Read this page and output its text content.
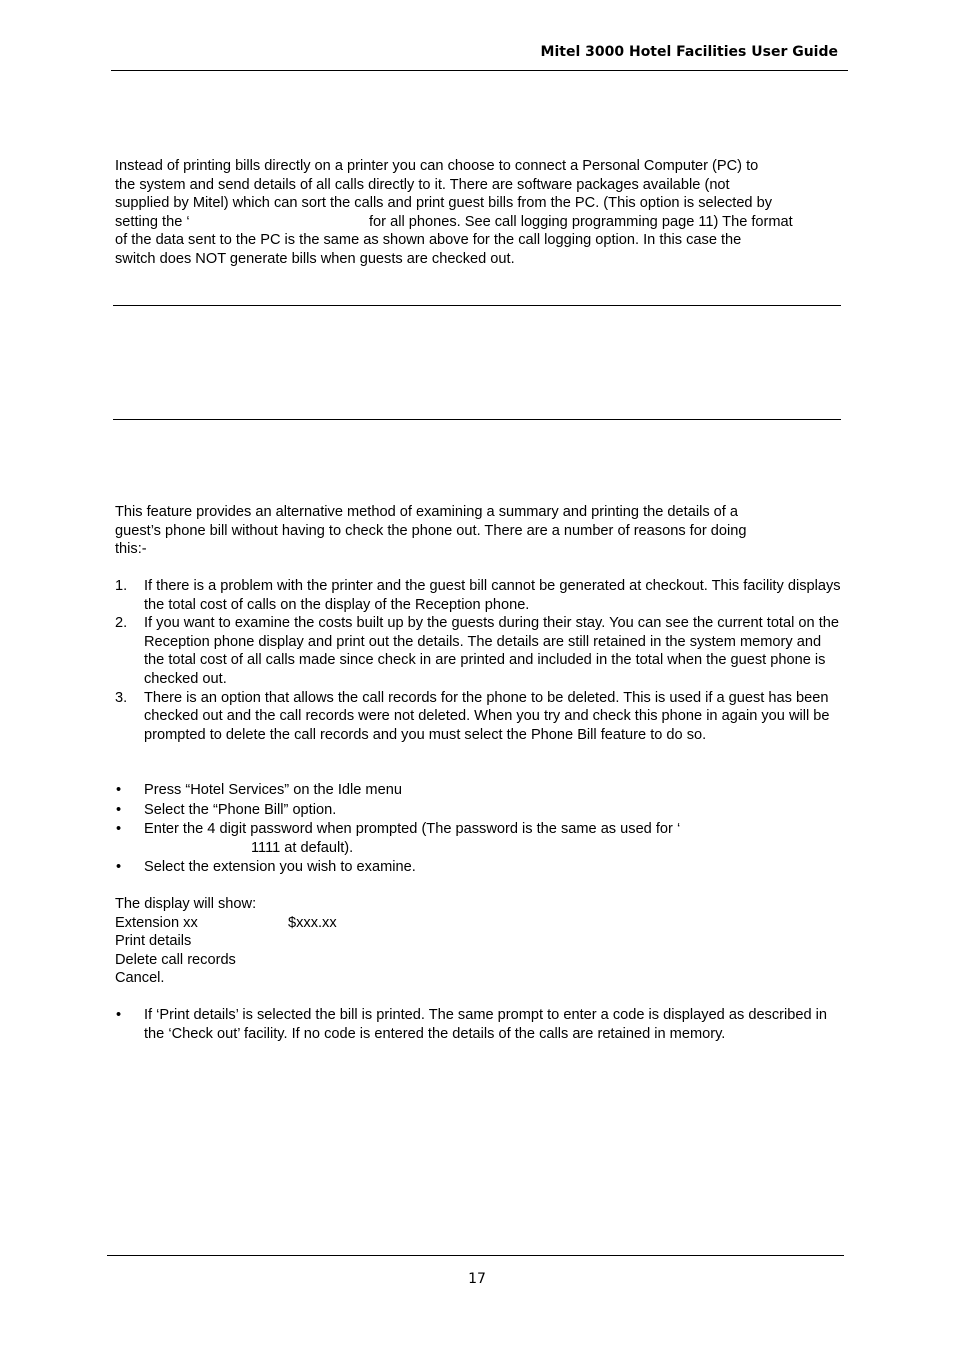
Mitel 3000 Hotel Facilities User Guide

Instead of printing bills directly on a printer you can choose to connect a Personal Computer (PC) to

the system and send details of all calls directly to it. There are software packages available (not

supplied by Mitel) which can sort the calls and print guest bills from the PC. (This option is selected by

setting the ‘	for all phones. See call logging programming page 11) The format

of the data sent to the PC is the same as shown above for the call logging option. In this case the

switch does NOT generate bills when guests are checked out.

This feature provides an alternative method of examining a summary and printing the details of a

guest’s phone bill without having to check the phone out. There are a number of reasons for doing

this:-

1. If there is a problem with the printer and the guest bill cannot be generated at checkout. This facility displays the total cost of calls on the display of the Reception phone.
2. If you want to examine the costs built up by the guests during their stay. You can see the current total on the Reception phone display and print out the details. The details are still retained in the system memory and the total cost of all calls made since check in are printed and included in the total when the guest phone is checked out.
3. There is an option that allows the call records for the phone to be deleted. This is used if a guest has been checked out and the call records were not deleted. When you try and check this phone in again you will be prompted to delete the call records and you must select the Phone Bill feature to do so.
• Press “Hotel Services” on the Idle menu
• Select the “Phone Bill” option.
• Enter the 4 digit password when prompted (The password is the same as used for ‘
1111 at default).
• Select the extension you wish to examine.
The display will show:
Extension xx	$xxx.xx
Print details
Delete call records
Cancel.
• If ‘Print details’ is selected the bill is printed. The same prompt to enter a code is displayed as described in the ‘Check out’ facility. If no code is entered the details of the calls are retained in memory.
17
